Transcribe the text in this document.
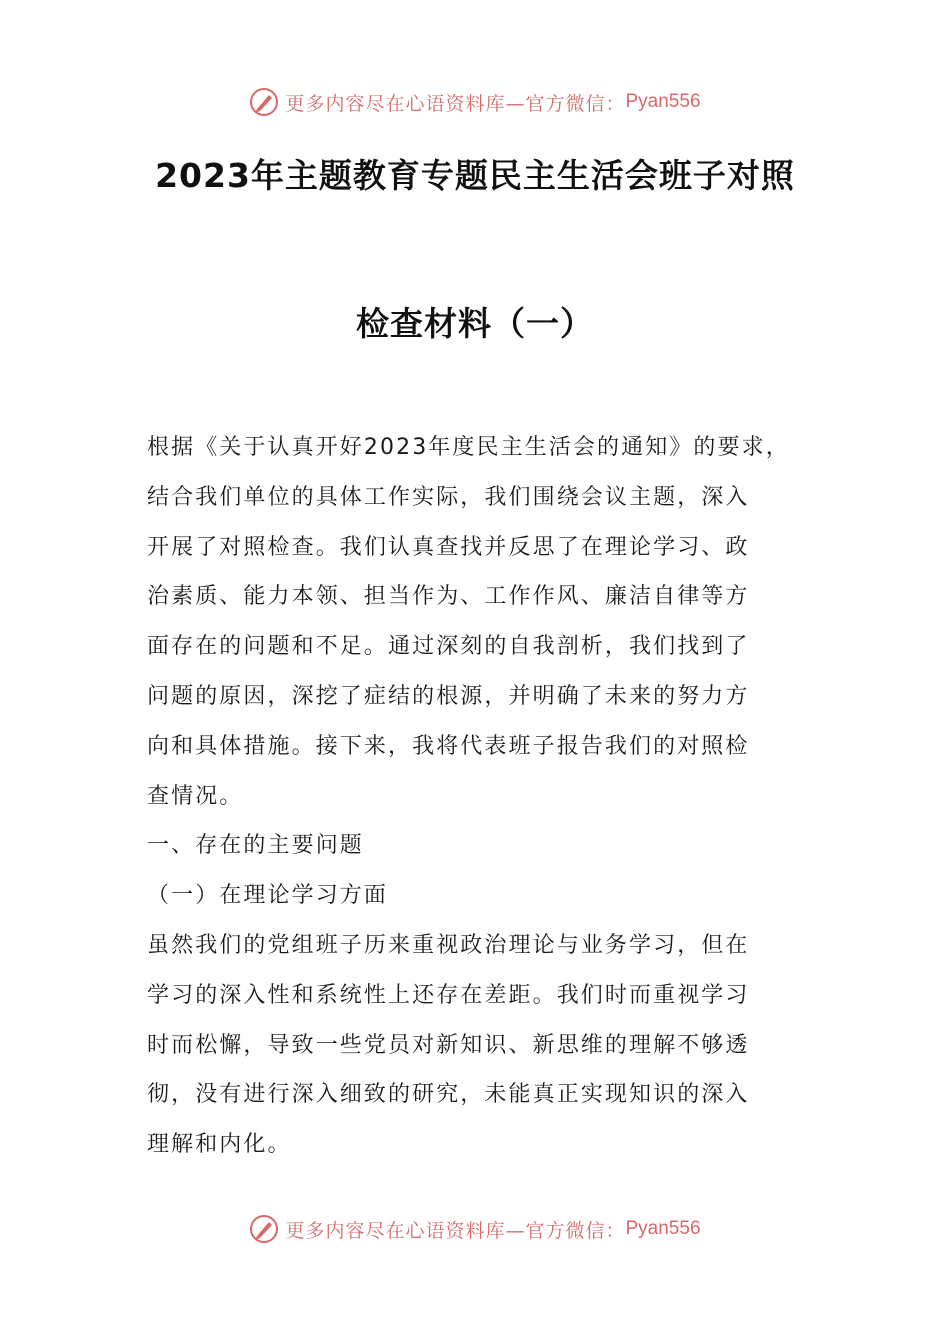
更多内容尽在心语资料库—官方微信： Pyan556
2023年主题教育专题民主生活会班子对照
检查材料（一）
根据《关于认真开好2023年度民主生活会的通知》的要求，
结合我们单位的具体工作实际，我们围绕会议主题，深入
开展了对照检查。我们认真查找并反思了在理论学习、政
治素质、能力本领、担当作为、工作作风、廉洁自律等方
面存在的问题和不足。通过深刻的自我剖析，我们找到了
问题的原因，深挖了症结的根源，并明确了未来的努力方
向和具体措施。接下来，我将代表班子报告我们的对照检
查情况。
一、存在的主要问题
（一）在理论学习方面
虽然我们的党组班子历来重视政治理论与业务学习，但在
学习的深入性和系统性上还存在差距。我们时而重视学习
时而松懈，导致一些党员对新知识、新思维的理解不够透
彻，没有进行深入细致的研究，未能真正实现知识的深入
理解和内化。
更多内容尽在心语资料库—官方微信： Pyan556
